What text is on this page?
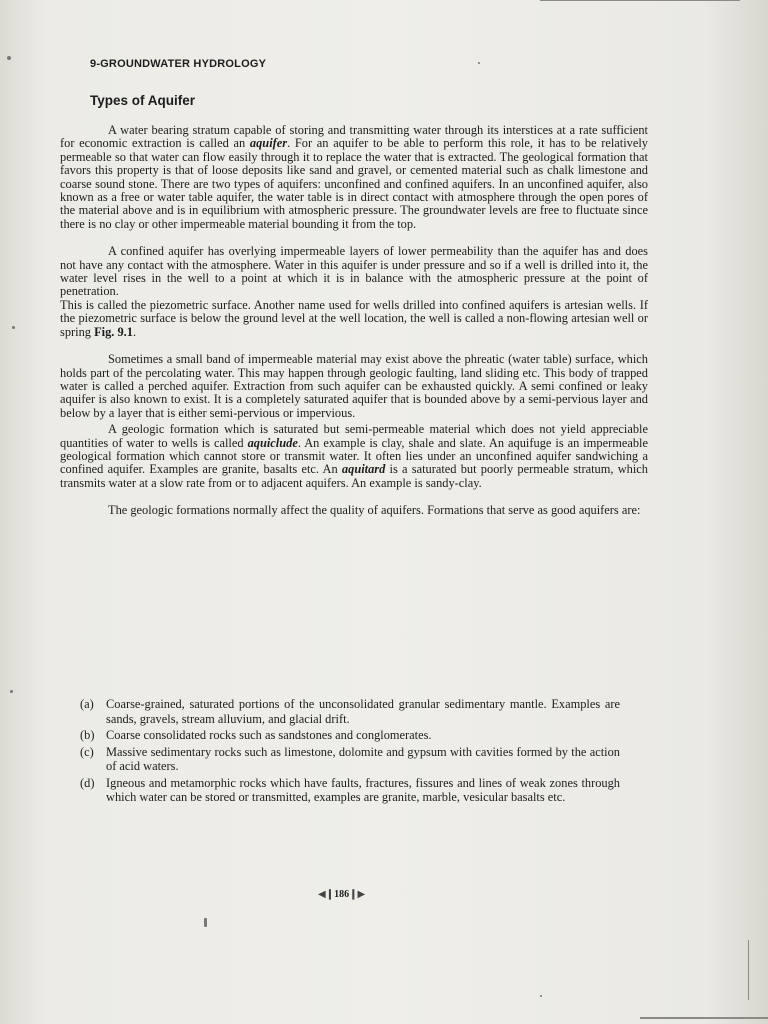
9-GROUNDWATER HYDROLOGY
Types of Aquifer

A water bearing stratum capable of storing and transmitting water through its interstices at a rate sufficient for economic extraction is called an aquifer. For an aquifer to be able to perform this role, it has to be relatively permeable so that water can flow easily through it to replace the water that is extracted. The geological formation that favors this property is that of loose deposits like sand and gravel, or cemented material such as chalk limestone and coarse sound stone. There are two types of aquifers: unconfined and confined aquifers. In an unconfined aquifer, also known as a free or water table aquifer, the water table is in direct contact with atmosphere through the open pores of the material above and is in equilibrium with atmospheric pressure. The groundwater levels are free to fluctuate since there is no clay or other impermeable material bounding it from the top.

A confined aquifer has overlying impermeable layers of lower permeability than the aquifer has and does not have any contact with the atmosphere. Water in this aquifer is under pressure and so if a well is drilled into it, the water level rises in the well to a point at which it is in balance with the atmospheric pressure at the point of penetration.

This is called the piezometric surface. Another name used for wells drilled into confined aquifers is artesian wells. If the piezometric surface is below the ground level at the well location, the well is called a non-flowing artesian well or spring Fig. 9.1.

Sometimes a small band of impermeable material may exist above the phreatic (water table) surface, which holds part of the percolating water. This may happen through geologic faulting, land sliding etc. This body of trapped water is called a perched aquifer. Extraction from such aquifer can be exhausted quickly. A semi confined or leaky aquifer is also known to exist. It is a completely saturated aquifer that is bounded above by a semi-pervious layer and below by a layer that is either semi-pervious or impervious.

A geologic formation which is saturated but semi-permeable material which does not yield appreciable quantities of water to wells is called aquiclude. An example is clay, shale and slate. An aquifuge is an impermeable geological formation which cannot store or transmit water. It often lies under an unconfined aquifer sandwiching a confined aquifer. Examples are granite, basalts etc. An aquitard is a saturated but poorly permeable stratum, which transmits water at a slow rate from or to adjacent aquifers. An example is sandy-clay.

The geologic formations normally affect the quality of aquifers. Formations that serve as good aquifers are:

(a) Coarse-grained, saturated portions of the unconsolidated granular sedimentary mantle. Examples are sands, gravels, stream alluvium, and glacial drift.
(b) Coarse consolidated rocks such as sandstones and conglomerates.
(c) Massive sedimentary rocks such as limestone, dolomite and gypsum with cavities formed by the action of acid waters.
(d) Igneous and metamorphic rocks which have faults, fractures, fissures and lines of weak zones through which water can be stored or transmitted, examples are granite, marble, vesicular basalts etc.
◀❙186❙▶
